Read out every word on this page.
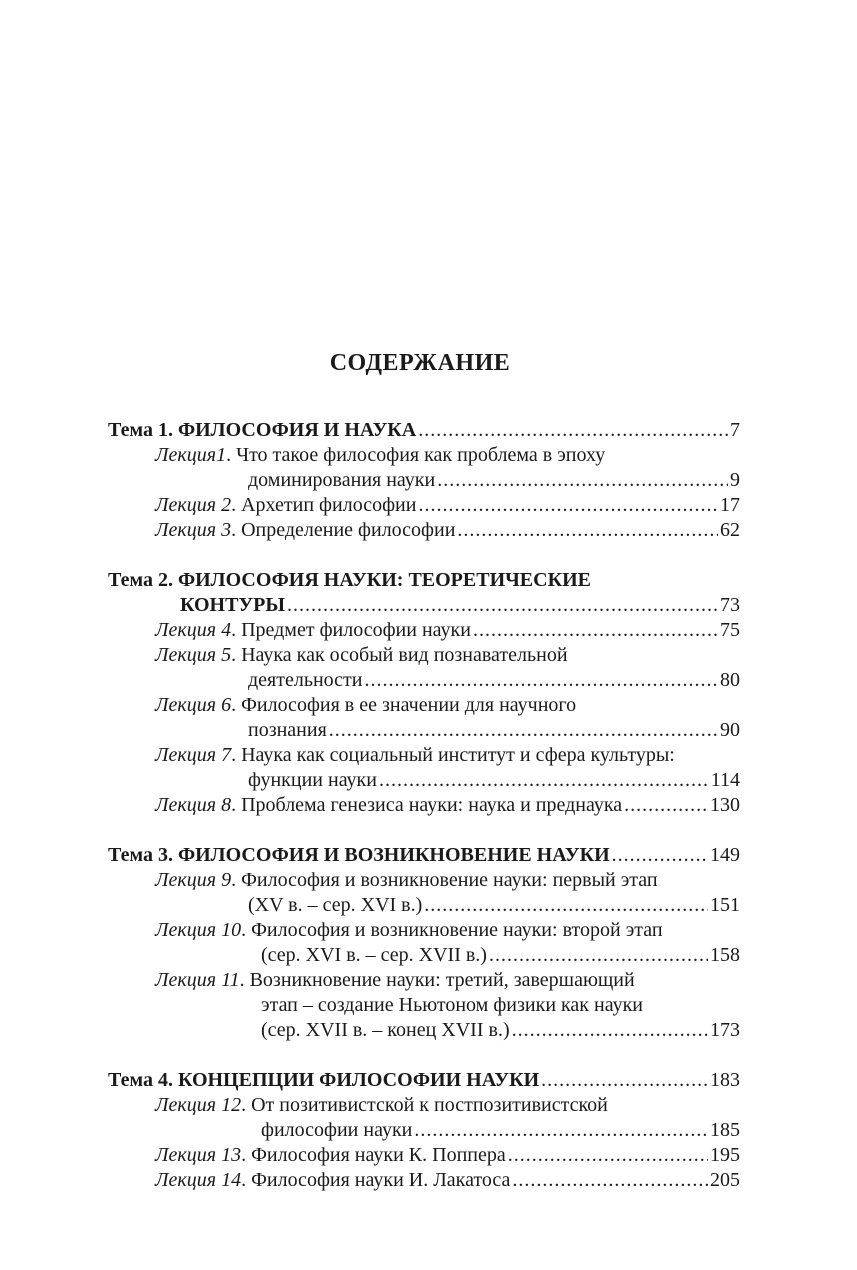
СОДЕРЖАНИЕ
Тема 1. ФИЛОСОФИЯ И НАУКА .....	7
Лекция1. Что такое философия как проблема в эпоху
доминирования науки .....	9
Лекция 2. Архетип философии .....	17
Лекция 3. Определение философии .....	62
Тема 2. ФИЛОСОФИЯ НАУКИ: ТЕОРЕТИЧЕСКИЕ
КОНТУРЫ .....	73
Лекция 4. Предмет философии науки .....	75
Лекция 5. Наука как особый вид познавательной
деятельности .....	80
Лекция 6. Философия в ее значении для научного
познания .....	90
Лекция 7. Наука как социальный институт и сфера культуры:
функции науки .....	114
Лекция 8. Проблема генезиса науки: наука и преднаука .....	130
Тема 3. ФИЛОСОФИЯ И ВОЗНИКНОВЕНИЕ НАУКИ .....	149
Лекция 9. Философия и возникновение науки: первый этап
(XV в. – сер. XVI в.) .....	151
Лекция 10. Философия и возникновение науки: второй этап
(сер. XVI в. – сер. XVII в.) .....	158
Лекция 11. Возникновение науки: третий, завершающий
этап – создание Ньютоном физики как науки
(сер. XVII в. – конец XVII в.) .....	173
Тема 4. КОНЦЕПЦИИ ФИЛОСОФИИ НАУКИ .....	183
Лекция 12. От позитивистской к постпозитивистской
философии науки .....	185
Лекция 13. Философия науки К. Поппера .....	195
Лекция 14. Философия науки И. Лакатоса .....	205
